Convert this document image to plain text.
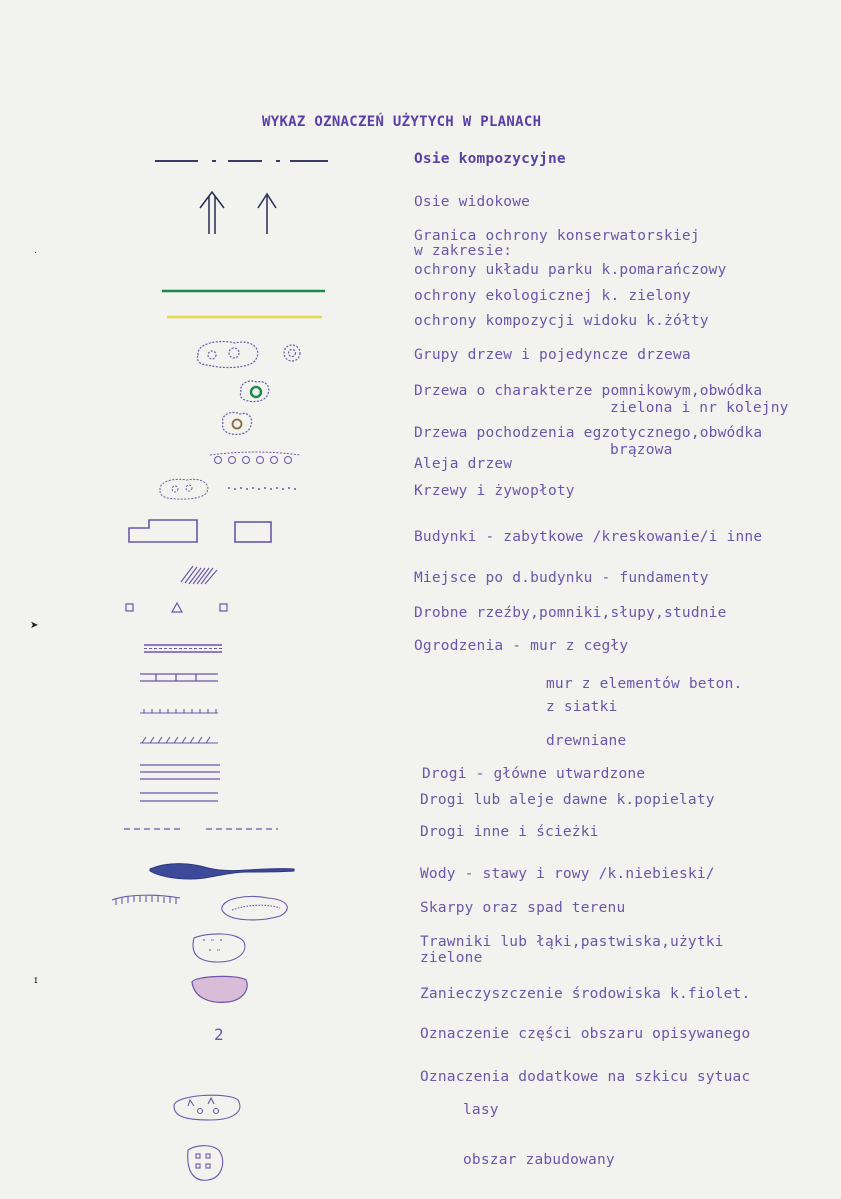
WYKAZ OZNACZEŃ UŻYTYCH W PLANACH
Osie kompozycyjne
Osie widokowe
Granica ochrony konserwatorskiej
w zakresie:
ochrony układu parku k.pomarańczowy
ochrony ekologicznej k. zielony
ochrony kompozycji widoku k.żółty
Grupy drzew i pojedyncze drzewa
Drzewa o charakterze pomnikowym,obwódka
zielona i nr kolejny
Drzewa pochodzenia egzotycznego,obwódka
brązowa
Aleja drzew
Krzewy i żywopłoty
Budynki - zabytkowe /kreskowanie/i inne
Miejsce po d.budynku - fundamenty
Drobne rzeźby,pomniki,słupy,studnie
Ogrodzenia - mur z cegły
mur z elementów beton.
z siatki
drewniane
Drogi - główne utwardzone
Drogi lub aleje dawne k.popielaty
Drogi inne i ścieżki
Wody - stawy i rowy /k.niebieski/
Skarpy oraz spad terenu
Trawniki lub łąki,pastwiska,użytki
zielone
Zanieczyszczenie środowiska k.fiolet.
Oznaczenie części obszaru opisywanego
Oznaczenia dodatkowe na szkicu sytuac
lasy
obszar zabudowany
" " "
" "
2
·
➤
ɪ
